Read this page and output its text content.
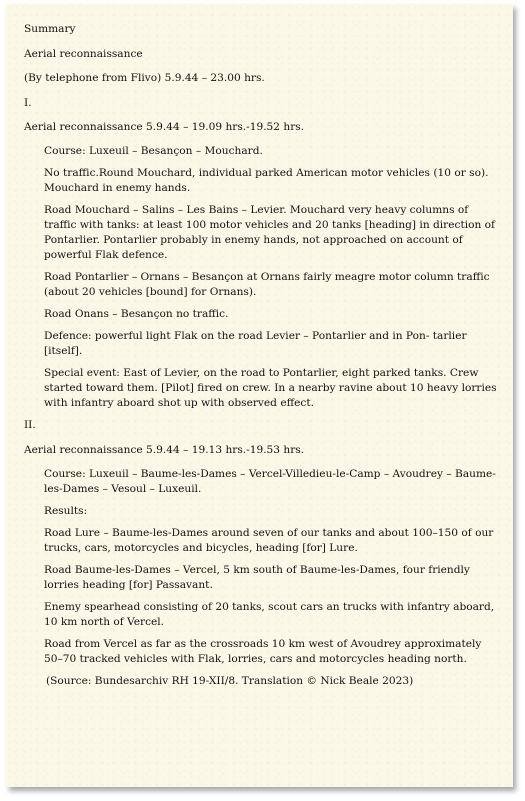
Summary

Aerial reconnaissance

(By telephone from Flivo) 5.9.44 – 23.00 hrs.

I.

Aerial reconnaissance 5.9.44 – 19.09 hrs.-19.52 hrs.

Course: Luxeuil – Besançon – Mouchard.

No traffic.Round Mouchard, individual parked American motor vehicles (10 or so). Mouchard in enemy hands.

Road Mouchard – Salins – Les Bains – Levier. Mouchard very heavy columns of traffic with tanks: at least 100 motor vehicles and 20 tanks [heading] in direction of Pontarlier. Pontarlier probably in enemy hands, not approached on account of powerful Flak defence.

Road Pontarlier – Ornans – Besançon at Ornans fairly meagre motor column traffic (about 20 vehicles [bound] for Ornans).

Road Onans – Besançon no traffic.

Defence: powerful light Flak on the road Levier – Pontarlier and in Pon- tarlier [itself].

Special event: East of Levier, on the road to Pontarlier, eight parked tanks. Crew started toward them. [Pilot] fired on crew. In a nearby ravine about 10 heavy lorries with infantry aboard shot up with observed effect.

II.

Aerial reconnaissance 5.9.44 – 19.13 hrs.-19.53 hrs.

Course: Luxeuil – Baume-les-Dames – Vercel-Villedieu-le-Camp – Avoudrey – Baume-les-Dames – Vesoul – Luxeuil.

Results:

Road Lure – Baume-les-Dames around seven of our tanks and about 100–150 of our trucks, cars, motorcycles and bicycles, heading [for] Lure.

Road Baume-les-Dames – Vercel, 5 km south of Baume-les-Dames, four friendly lorries heading [for] Passavant.

Enemy spearhead consisting of 20 tanks, scout cars an trucks with infantry aboard, 10 km north of Vercel.

Road from Vercel as far as the crossroads 10 km west of Avoudrey approximately 50–70 tracked vehicles with Flak, lorries, cars and motorcycles heading north.

(Source: Bundesarchiv RH 19-XII/8. Translation © Nick Beale 2023)
